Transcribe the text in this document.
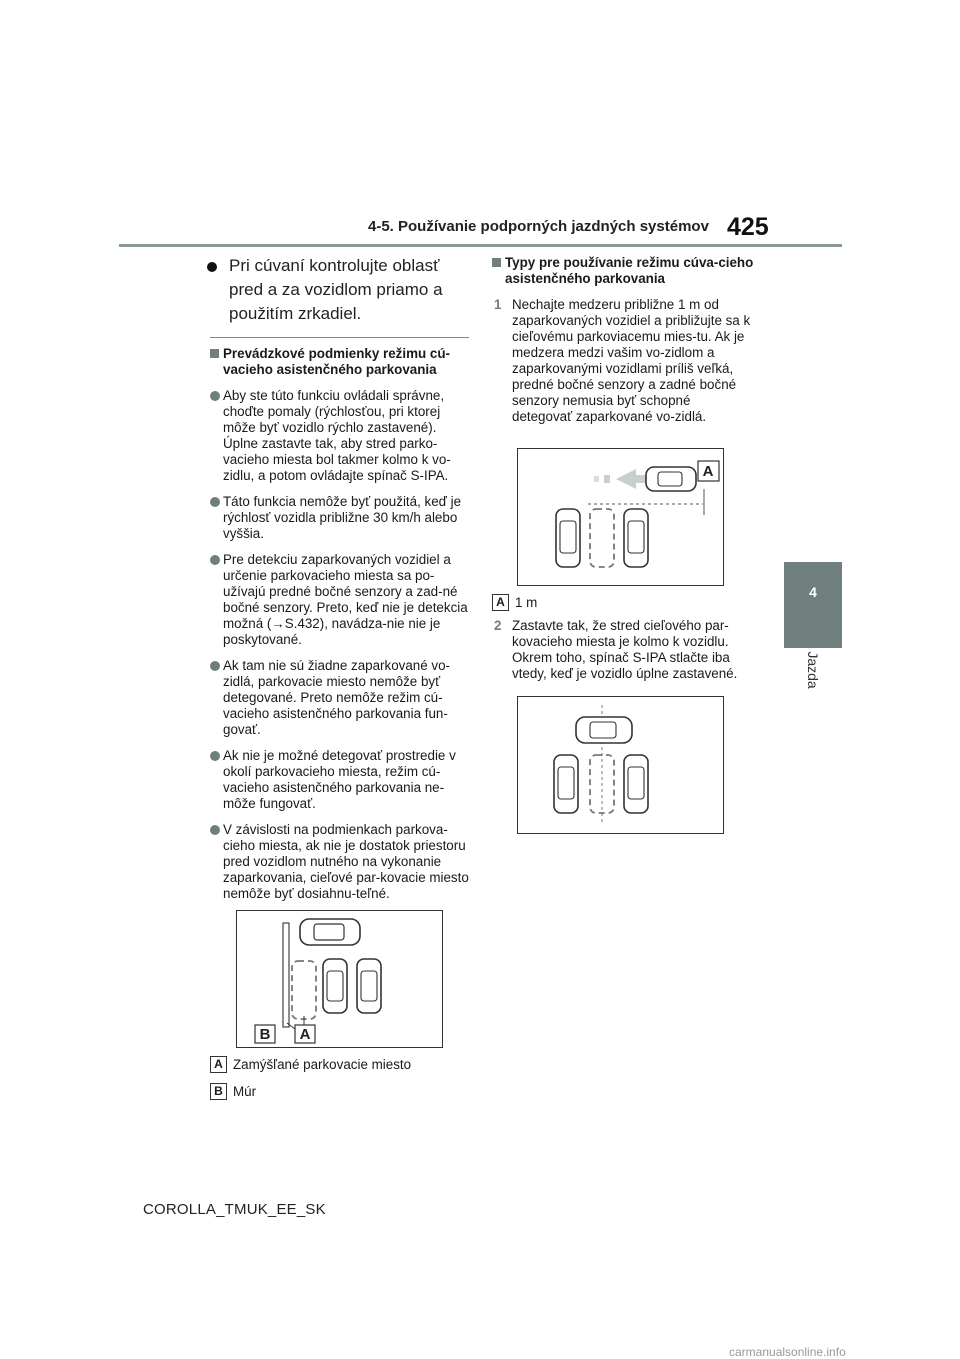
4-5. Používanie podporných jazdných systémov 425
4
Jazda
Pri cúvaní kontrolujte oblasť pred a za vozidlom priamo a použitím zrkadiel.
Prevádzkové podmienky režimu cú-vacieho asistenčného parkovania
Aby ste túto funkciu ovládali správne, choďte pomaly (rýchlosťou, pri ktorej môže byť vozidlo rýchlo zastavené). Úplne zastavte tak, aby stred parko-vacieho miesta bol takmer kolmo k vo-zidlu, a potom ovládajte spínač S-IPA.
Táto funkcia nemôže byť použitá, keď je rýchlosť vozidla približne 30 km/h alebo vyššia.
Pre detekciu zaparkovaných vozidiel a určenie parkovacieho miesta sa po-užívajú predné bočné senzory a zad-né bočné senzory. Preto, keď nie je detekcia možná (→S.432), navádza-nie nie je poskytované.
Ak tam nie sú žiadne zaparkované vo-zidlá, parkovacie miesto nemôže byť detegované. Preto nemôže režim cú-vacieho asistenčného parkovania fun-govať.
Ak nie je možné detegovať prostredie v okolí parkovacieho miesta, režim cú-vacieho asistenčného parkovania ne-môže fungovať.
V závislosti na podmienkach parkova-cieho miesta, ak nie je dostatok priestoru pred vozidlom nutného na vykonanie zaparkovania, cieľové par-kovacie miesto nemôže byť dosiahnu-teľné.
B A
A Zamýšľané parkovacie miesto
B Múr
Typy pre používanie režimu cúva-cieho asistenčného parkovania
1 Nechajte medzeru približne 1 m od zaparkovaných vozidiel a približujte sa k cieľovému parkoviacemu mies-tu. Ak je medzera medzi vašim vo-zidlom a zaparkovanými vozidlami príliš veľká, predné bočné senzory a zadné bočné senzory nemusia byť schopné detegovať zaparkované vo-zidlá.
A
A 1 m
2 Zastavte tak, že stred cieľového par-kovacieho miesta je kolmo k vozidlu. Okrem toho, spínač S-IPA stlačte iba vtedy, keď je vozidlo úplne zastavené.
COROLLA_TMUK_EE_SK
carmanualsonline.info
